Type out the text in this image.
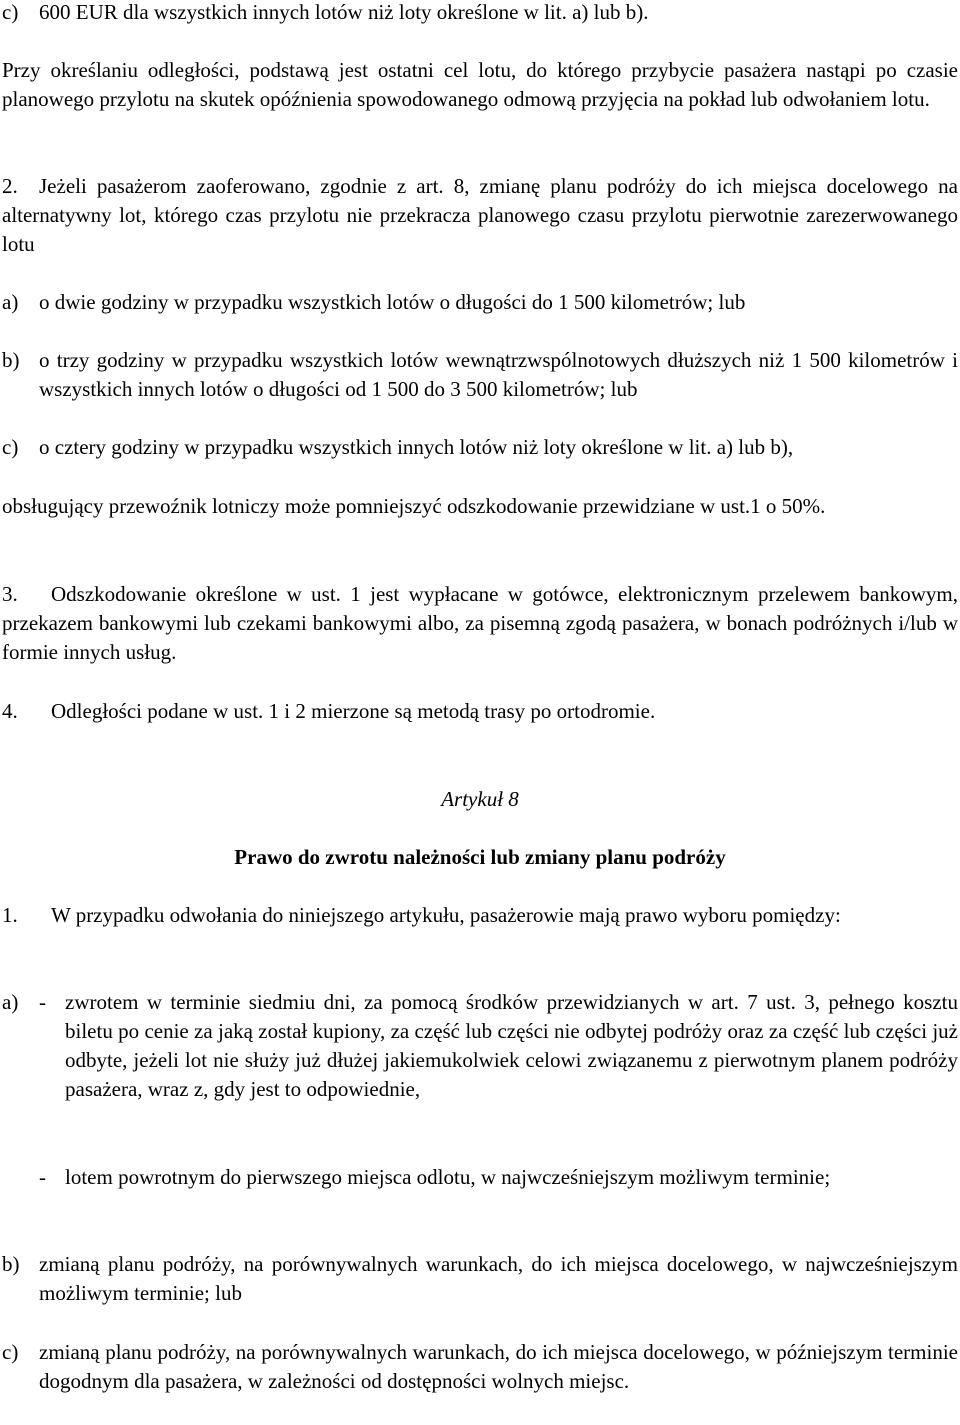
c) 600 EUR dla wszystkich innych lotów niż loty określone w lit. a) lub b).

Przy określaniu odległości, podstawą jest ostatni cel lotu, do którego przybycie pasażera nastąpi po czasie planowego przylotu na skutek opóźnienia spowodowanego odmową przyjęcia na pokład lub odwołaniem lotu.

2.	Jeżeli pasażerom zaoferowano, zgodnie z art. 8, zmianę planu podróży do ich miejsca docelowego na alternatywny lot, którego czas przylotu nie przekracza planowego czasu przylotu pierwotnie zarezerwowanego lotu

a) o dwie godziny w przypadku wszystkich lotów o długości do 1 500 kilometrów; lub
b) o trzy godziny w przypadku wszystkich lotów wewnątrzwspólnotowych dłuższych niż 1 500 kilometrów i wszystkich innych lotów o długości od 1 500 do 3 500 kilometrów; lub
c) o cztery godziny w przypadku wszystkich innych lotów niż loty określone w lit. a) lub b),

obsługujący przewoźnik lotniczy może pomniejszyć odszkodowanie przewidziane w ust.1 o 50%.

3. Odszkodowanie określone w ust. 1 jest wypłacane w gotówce, elektronicznym przelewem bankowym, przekazem bankowymi lub czekami bankowymi albo, za pisemną zgodą pasażera, w bonach podróżnych i/lub w formie innych usług.

4. Odległości podane w ust. 1 i 2 mierzone są metodą trasy po ortodromie.

Artykuł 8

Prawo do zwrotu należności lub zmiany planu podróży

1. W przypadku odwołania do niniejszego artykułu, pasażerowie mają prawo wyboru pomiędzy:

a) - zwrotem w terminie siedmiu dni, za pomocą środków przewidzianych w art. 7 ust. 3, pełnego kosztu biletu po cenie za jaką został kupiony, za część lub części nie odbytej podróży oraz za część lub części już odbyte, jeżeli lot nie służy już dłużej jakiemukolwiek celowi związanemu z pierwotnym planem podróży pasażera, wraz z, gdy jest to odpowiednie,
- lotem powrotnym do pierwszego miejsca odlotu, w najwcześniejszym możliwym terminie;
b) zmianą planu podróży, na porównywalnych warunkach, do ich miejsca docelowego, w najwcześniejszym możliwym terminie; lub
c) zmianą planu podróży, na porównywalnych warunkach, do ich miejsca docelowego, w późniejszym terminie dogodnym dla pasażera, w zależności od dostępności wolnych miejsc.
